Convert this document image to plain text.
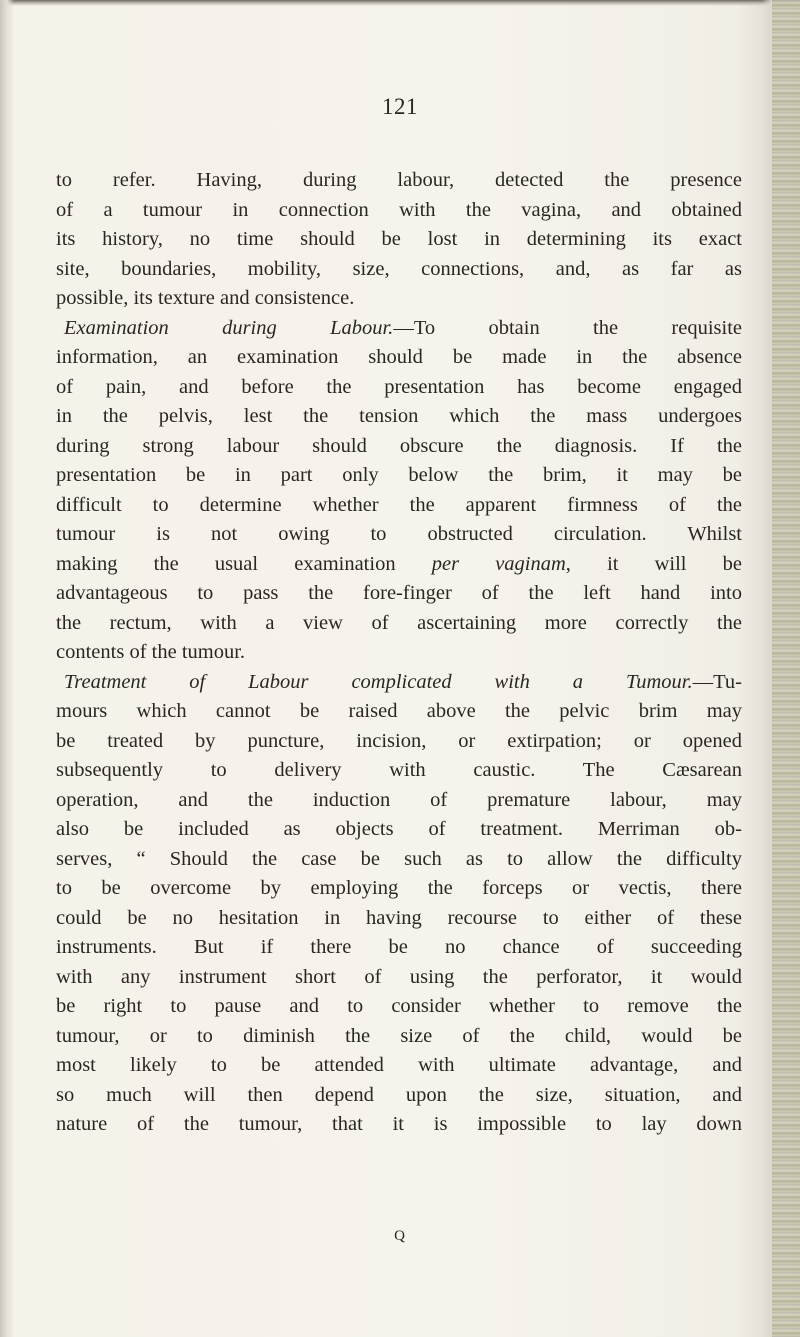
121
to refer. Having, during labour, detected the presence
of a tumour in connection with the vagina, and obtained
its history, no time should be lost in determining its exact
site, boundaries, mobility, size, connections, and, as far as
possible, its texture and consistence.
Examination during Labour.—To obtain the requisite
information, an examination should be made in the absence
of pain, and before the presentation has become engaged
in the pelvis, lest the tension which the mass undergoes
during strong labour should obscure the diagnosis. If the
presentation be in part only below the brim, it may be
difficult to determine whether the apparent firmness of the
tumour is not owing to obstructed circulation. Whilst
making the usual examination per vaginam, it will be
advantageous to pass the fore-finger of the left hand into
the rectum, with a view of ascertaining more correctly the
contents of the tumour.
Treatment of Labour complicated with a Tumour.—Tu-
mours which cannot be raised above the pelvic brim may
be treated by puncture, incision, or extirpation; or opened
subsequently to delivery with caustic. The Cæsarean
operation, and the induction of premature labour, may
also be included as objects of treatment. Merriman ob-
serves, “ Should the case be such as to allow the difficulty
to be overcome by employing the forceps or vectis, there
could be no hesitation in having recourse to either of these
instruments. But if there be no chance of succeeding
with any instrument short of using the perforator, it would
be right to pause and to consider whether to remove the
tumour, or to diminish the size of the child, would be
most likely to be attended with ultimate advantage, and
so much will then depend upon the size, situation, and
nature of the tumour, that it is impossible to lay down
Q
